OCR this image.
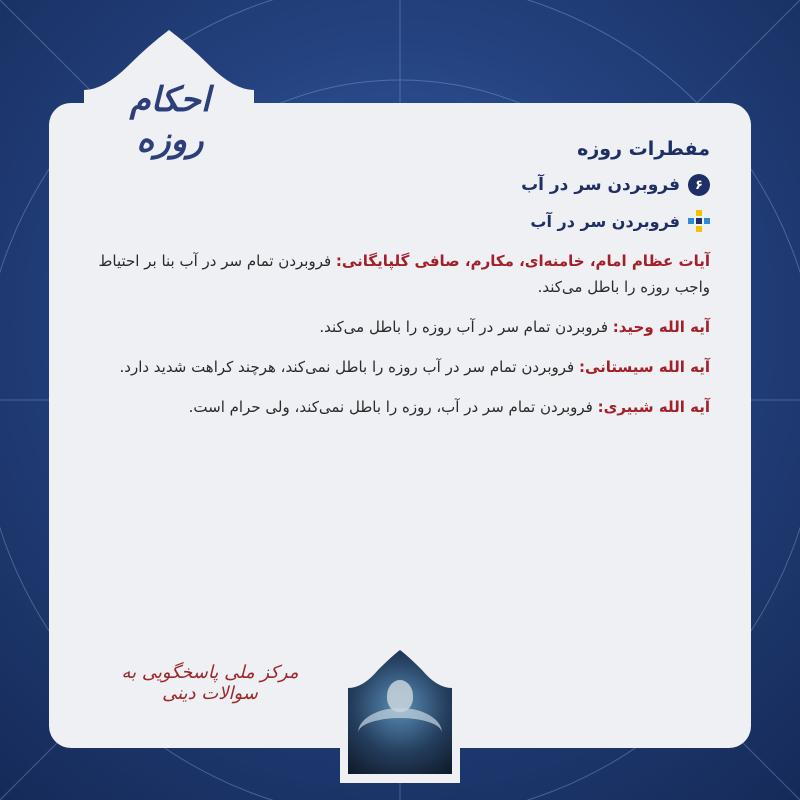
احکام روزه	مفطرات روزه
۶
فروبردن سر در آب
فروبردن سر در آب

آیات عظام امام، خامنه‌ای، مکارم، صافی گلپایگانی: فروبردن تمام سر در آب بنا بر احتیاط واجب روزه را باطل می‌کند.

آیه الله وحید: فروبردن تمام سر در آب روزه را باطل می‌کند.

آیه الله سیستانی: فروبردن تمام سر در آب روزه را باطل نمی‌کند، هرچند کراهت شدید دارد.

آیه الله شبیری: فروبردن تمام سر در آب، روزه را باطل نمی‌کند، ولی حرام است.

مرکز ملی پاسخگویی به سوالات دینی
